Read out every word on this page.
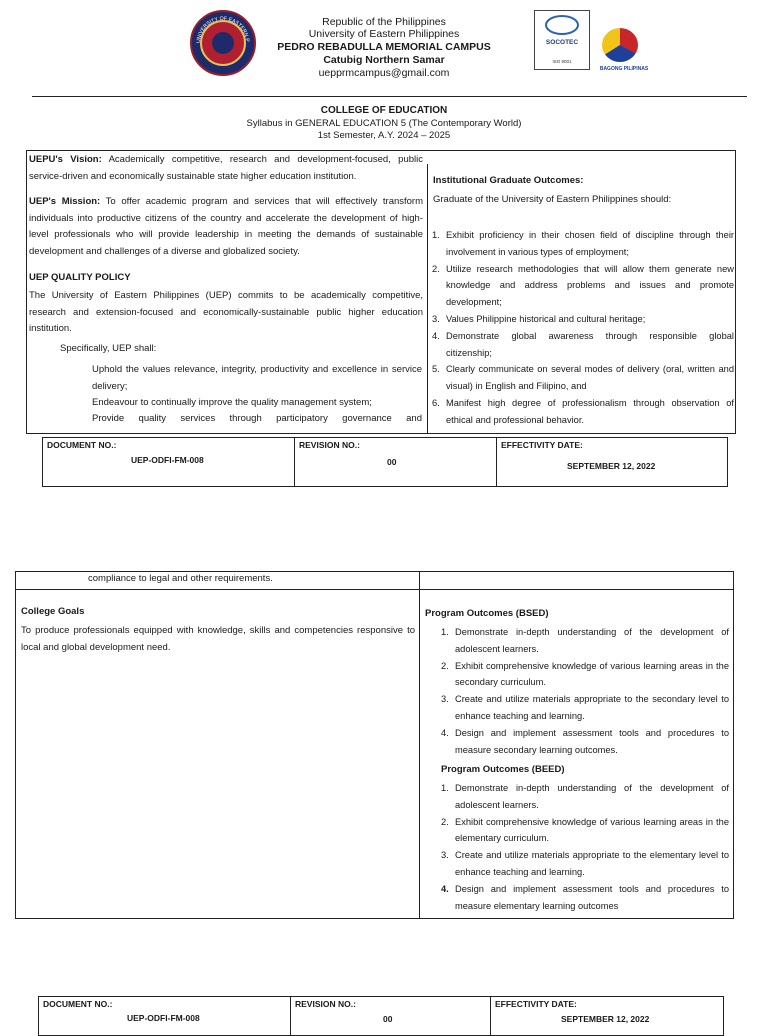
UNIVERSITY OF EASTERN P
Republic of the Philippines
University of Eastern Philippines
PEDRO REBADULLA MEMORIAL CAMPUS
Catubig Northern Samar
uepprmcampus@gmail.com
SOCOTEC
ISO 9001
BAGONG PILIPINAS
COLLEGE OF EDUCATION
Syllabus in GENERAL EDUCATION 5 (The Contemporary World)
1st Semester, A.Y. 2024 – 2025
UEPU's Vision: Academically competitive, research and development-focused, public service-driven and economically sustainable state higher education institution.
UEP's Mission: To offer academic program and services that will effectively transform individuals into productive citizens of the country and accelerate the development of high-level professionals who will provide leadership in meeting the demands of sustainable development and challenges of a diverse and globalized society.
UEP QUALITY POLICY
The University of Eastern Philippines (UEP) commits to be academically competitive, research and extension-focused and economically-sustainable public higher education institution.
Specifically, UEP shall:
Uphold the values relevance, integrity, productivity and excellence in service delivery;
Endeavour to continually improve the quality management system;
Provide quality services through participatory governance and
Institutional Graduate Outcomes:
Graduate of the University of Eastern Philippines should:
1. Exhibit proficiency in their chosen field of discipline through their involvement in various types of employment;
2. Utilize research methodologies that will allow them generate new knowledge and address problems and issues and promote development;
3. Values Philippine historical and cultural heritage;
4. Demonstrate global awareness through responsible global citizenship;
5. Clearly communicate on several modes of delivery (oral, written and visual) in English and Filipino, and
6. Manifest high degree of professionalism through observation of ethical and professional behavior.
DOCUMENT NO.:
UEP-ODFI-FM-008
REVISION NO.:
00
EFFECTIVITY DATE:
SEPTEMBER 12, 2022
compliance to legal and other requirements.
College Goals
To produce professionals equipped with knowledge, skills and competencies responsive to local and global development need.
Program Outcomes (BSED)
1. Demonstrate in-depth understanding of the development of adolescent learners.
2. Exhibit comprehensive knowledge of various learning areas in the secondary curriculum.
3. Create and utilize materials appropriate to the secondary level to enhance teaching and learning.
4. Design and implement assessment tools and procedures to measure secondary learning outcomes.
Program Outcomes (BEED)
1. Demonstrate in-depth understanding of the development of adolescent learners.
2. Exhibit comprehensive knowledge of various learning areas in the elementary curriculum.
3. Create and utilize materials appropriate to the elementary level to enhance teaching and learning.
4. Design and implement assessment tools and procedures to measure elementary learning outcomes
DOCUMENT NO.:
UEP-ODFI-FM-008
REVISION NO.:
00
EFFECTIVITY DATE:
SEPTEMBER 12, 2022
